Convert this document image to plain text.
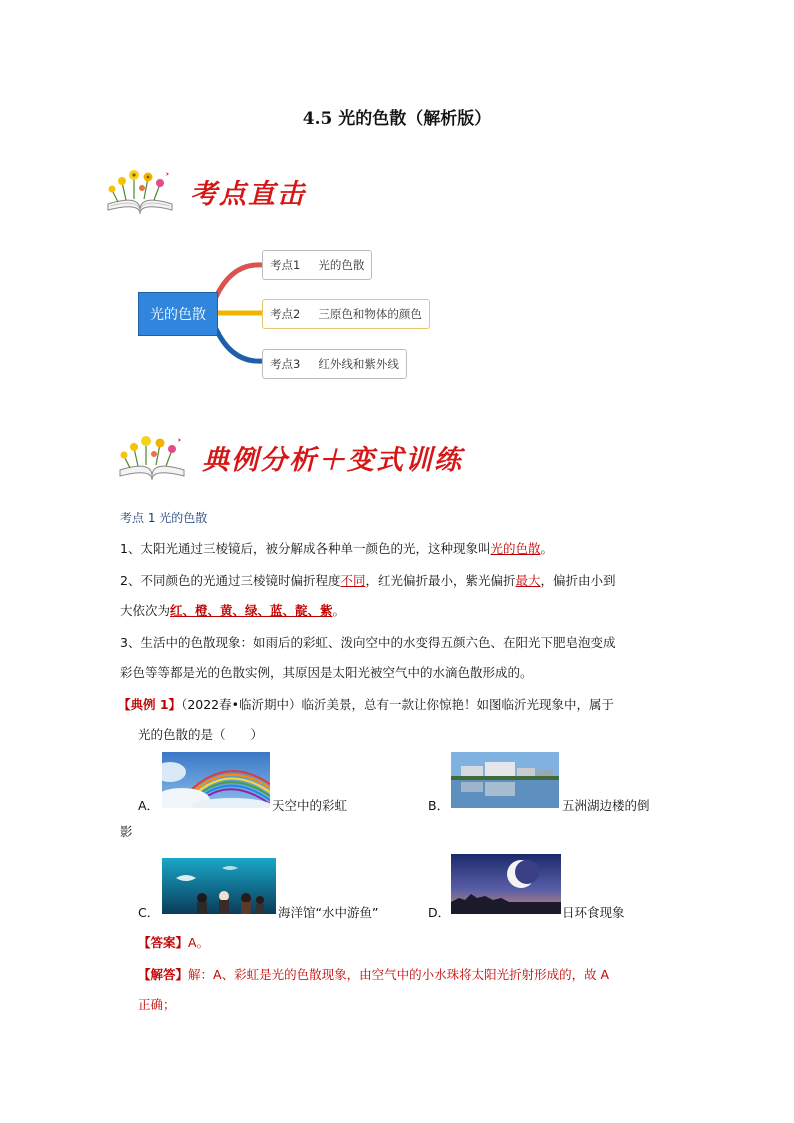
4.5 光的色散（解析版）
考点直击
光的色散
考点1 光的色散
考点2 三原色和物体的颜色
考点3 红外线和紫外线
典例分析＋变式训练
考点 1 光的色散
1、太阳光通过三棱镜后，被分解成各种单一颜色的光，这种现象叫光的色散。
2、不同颜色的光通过三棱镜时偏折程度不同，红光偏折最小，紫光偏折最大，偏折由小到
大依次为红、橙、黄、绿、蓝、靛、紫。
3、生活中的色散现象：如雨后的彩虹、泼向空中的水变得五颜六色、在阳光下肥皂泡变成
彩色等等都是光的色散实例，其原因是太阳光被空气中的水滴色散形成的。
【典例 1】（2022春•临沂期中）临沂美景，总有一款让你惊艳！如图临沂光现象中，属于
光的色散的是（　　）
A．	天空中的彩虹	B．	五洲湖边楼的倒
影
C．	海洋馆“水中游鱼”	D．	日环食现象
【答案】A。
【解答】解：A、彩虹是光的色散现象，由空气中的小水珠将太阳光折射形成的，故 A
正确；
